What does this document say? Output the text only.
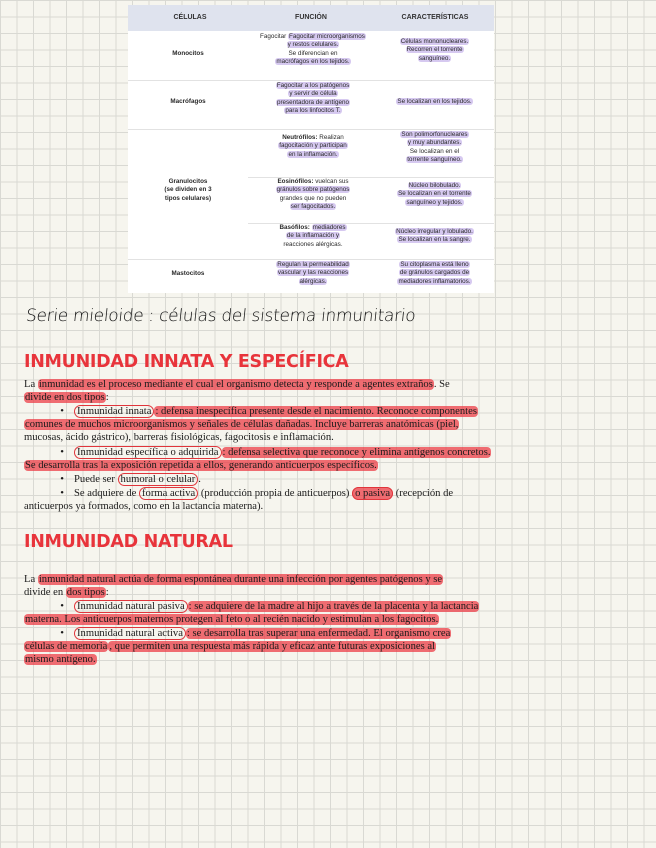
CÉLULAS	FUNCIÓN	CARACTERÍSTICAS
Monocitos
Fagocitar Fagocitar microorganismos
y restos celulares.
Se diferencian en
macrófagos en los tejidos.
Células mononucleares.
Recorren el torrente
sanguíneo.
Macrófagos
Fagocitar a los patógenos
y servir de célula
presentadora de antígeno
para los linfocitos T.
Se localizan en los tejidos.
Granulocitos
(se dividen en 3
tipos celulares)
Neutrófilos: Realizan
fagocitación y participan
en la inflamación.
Son polimorfonucleares
y muy abundantes.
Se localizan en el
torrente sanguíneo.
Eosinófilos: vuelcan sus
gránulos sobre patógenos
grandes que no pueden
ser fagocitados.
Núcleo bilobulado.
Se localizan en el torrente
sanguíneo y tejidos.
Basófilos: mediadores
de la inflamación y
reacciones alérgicas.
Núcleo irregular y lobulado.
Se localizan en la sangre.
Mastocitos
Regulan la permeabilidad
vascular y las reacciones
alérgicas.
Su citoplasma está lleno
de gránulos cargados de
mediadores inflamatorios.
Serie mieloide : células del sistema inmunitario
INMUNIDAD INNATA Y ESPECÍFICA
La inmunidad es el proceso mediante el cual el organismo detecta y responde a agentes extraños. Se
divide en dos tipos:
• Inmunidad innata : defensa inespecífica presente desde el nacimiento. Reconoce componentes
comunes de muchos microorganismos y señales de células dañadas. Incluye barreras anatómicas (piel,
mucosas, ácido gástrico), barreras fisiológicas, fagocitosis e inflamación.
• Inmunidad específica o adquirida : defensa selectiva que reconoce y elimina antígenos concretos.
Se desarrolla tras la exposición repetida a ellos, generando anticuerpos específicos.
• Puede ser humoral o celular .
• Se adquiere de forma activa (producción propia de anticuerpos) o pasiva (recepción de
anticuerpos ya formados, como en la lactancia materna).
INMUNIDAD NATURAL
La inmunidad natural actúa de forma espontánea durante una infección por agentes patógenos y se
divide en dos tipos:
• Inmunidad natural pasiva : se adquiere de la madre al hijo a través de la placenta y la lactancia
materna. Los anticuerpos maternos protegen al feto o al recién nacido y estimulan a los fagocitos.
• Inmunidad natural activa : se desarrolla tras superar una enfermedad. El organismo crea
células de memoria , que permiten una respuesta más rápida y eficaz ante futuras exposiciones al
mismo antígeno.
